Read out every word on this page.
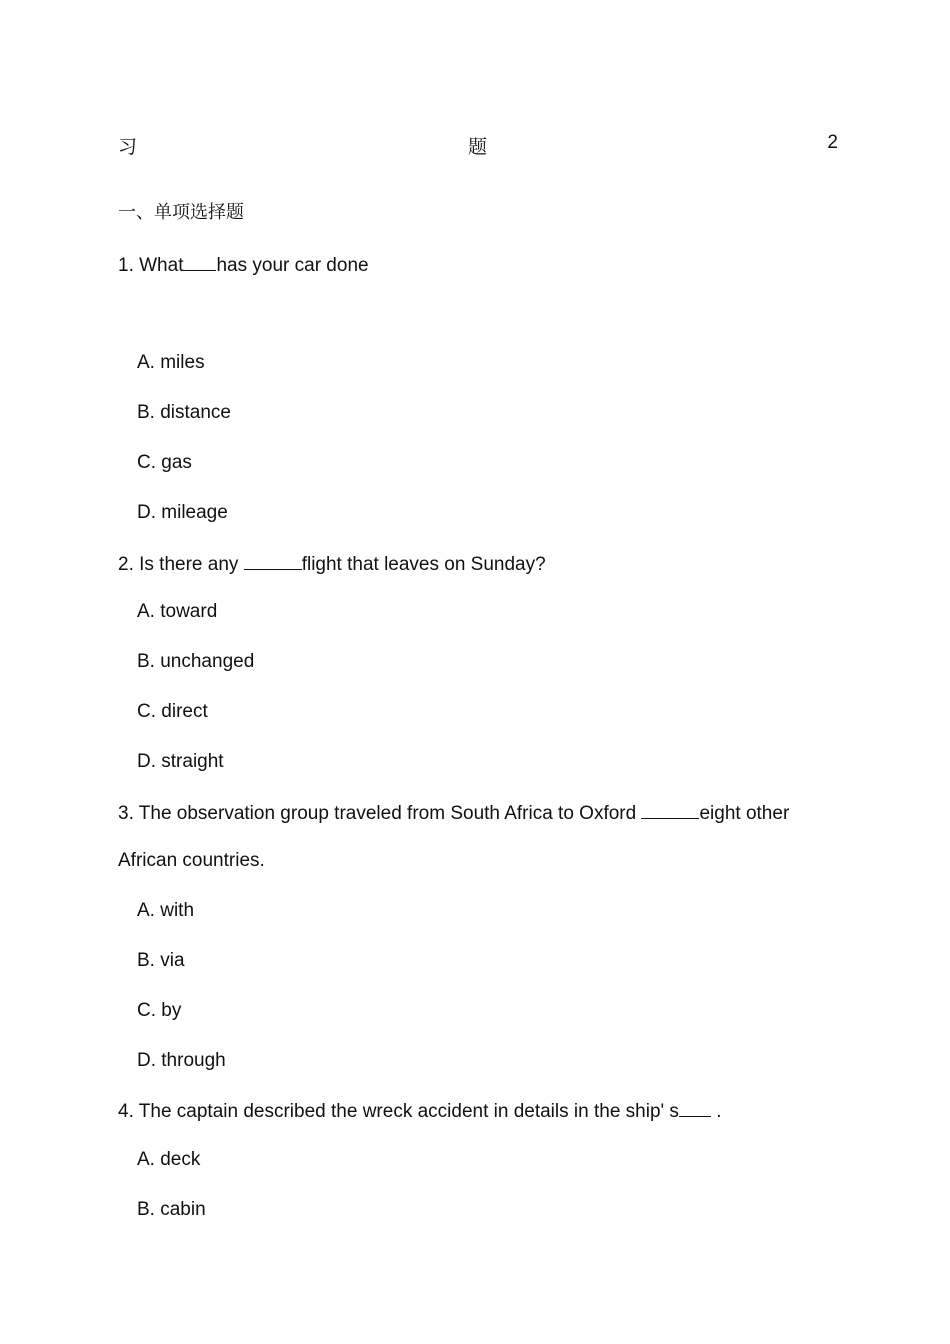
习	题	2
一、单项选择题
1. What has your car done
A. miles
B. distance
C. gas
D. mileage
2. Is there any	flight that leaves on Sunday?
A. toward
B. unchanged
C. direct
D. straight
3. The observation group traveled from South Africa to Oxford	eight other
African countries.
A. with
B. via
C. by
D. through
4. The captain described the wreck accident in details in the ship' s .
A. deck
B. cabin
